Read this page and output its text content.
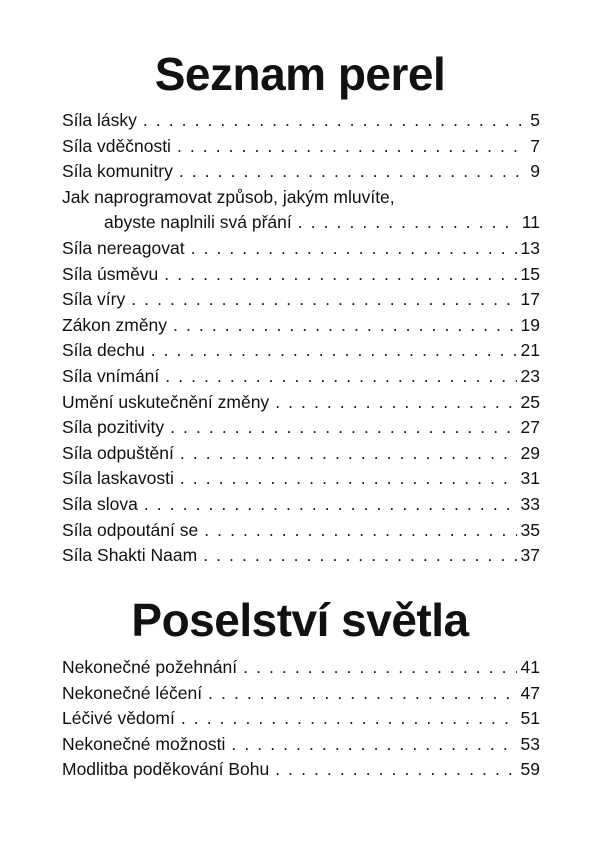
Seznam perel
Síla lásky . . .	5
Síla vděčnosti . . .	7
Síla komunitry . . .	9
Jak naprogramovat způsob, jakým mluvíte,
abyste naplnili svá přání . . .	11
Síla nereagovat . . .	13
Síla úsměvu . . .	15
Síla víry . . .	17
Zákon změny . . .	19
Síla dechu . . .	21
Síla vnímání . . .	23
Umění uskutečnění změny . . .	25
Síla pozitivity . . .	27
Síla odpuštění . . .	29
Síla laskavosti . . .	31
Síla slova . . .	33
Síla odpoutání se . . .	35
Síla Shakti Naam . . .	37
Poselství světla
Nekonečné požehnání . . .	41
Nekonečné léčení . . .	47
Léčivé vědomí . . .	51
Nekonečné možnosti . . .	53
Modlitba poděkování Bohu . . .	59
